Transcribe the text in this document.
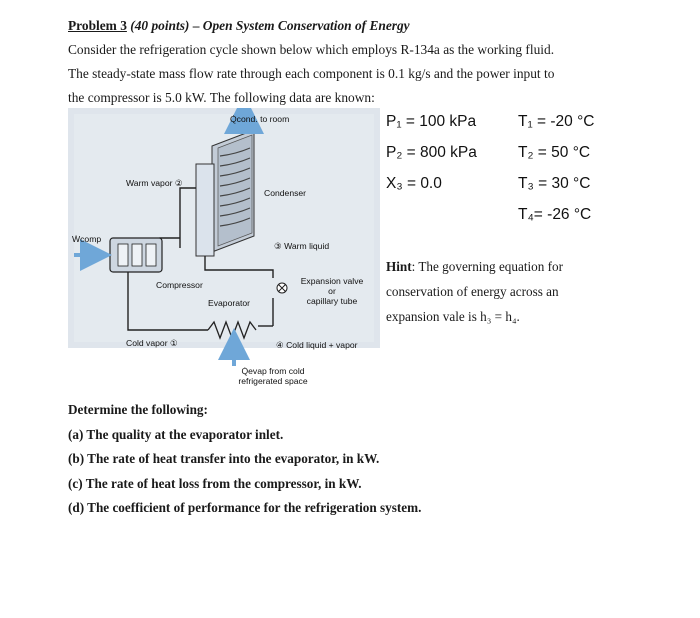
Problem 3 (40 points) – Open System Conservation of Energy

Consider the refrigeration cycle shown below which employs R-134a as the working fluid.

The steady-state mass flow rate through each component is 0.1 kg/s and the power input to

the compressor is 5.0 kW. The following data are known:

Q̇cond. to room
Warm vapor ②
Condenser
Ẇcomp
③ Warm liquid
Compressor	Expansion valve
or
capillary tube
Evaporator
Cold vapor ①	④ Cold liquid + vapor
Q̇evap from cold
refrigerated space
P₁ = 100 kPa
P₂ = 800 kPa
X₃ = 0.0
T₁ = -20 °C
T₂ = 50 °C
T₃ = 30 °C
T₄= -26 °C

Hint: The governing equation for

conservation of energy across an

expansion vale is h₃ = h₄.

Determine the following:

(a) The quality at the evaporator inlet.

(b) The rate of heat transfer into the evaporator, in kW.

(c) The rate of heat loss from the compressor, in kW.

(d) The coefficient of performance for the refrigeration system.
